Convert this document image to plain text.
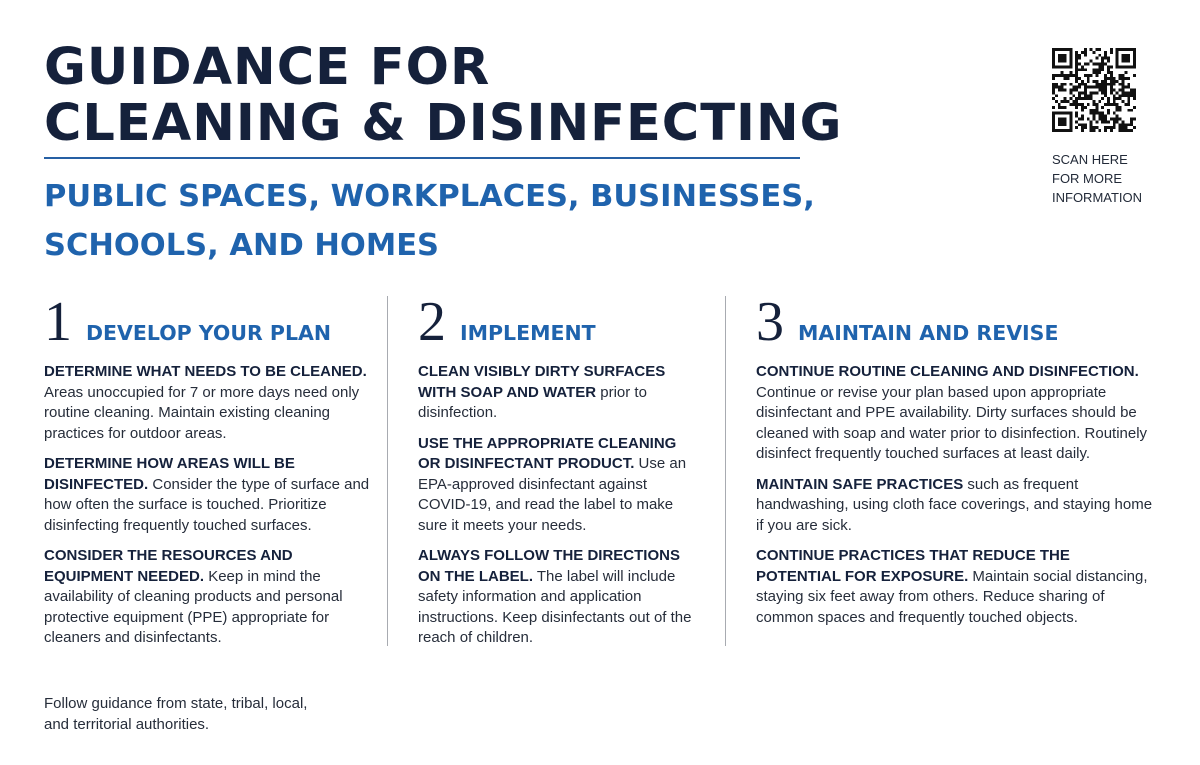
GUIDANCE FOR
CLEANING & DISINFECTING
PUBLIC SPACES, WORKPLACES, BUSINESSES,
SCHOOLS, AND HOMES
SCAN HERE
FOR MORE
INFORMATION
1 DEVELOP YOUR PLAN

DETERMINE WHAT NEEDS TO BE CLEANED. Areas unoccupied for 7 or more days need only routine cleaning. Maintain existing cleaning practices for outdoor areas.

DETERMINE HOW AREAS WILL BE DISINFECTED. Consider the type of surface and how often the surface is touched. Prioritize disinfecting frequently touched surfaces.

CONSIDER THE RESOURCES AND EQUIPMENT NEEDED. Keep in mind the availability of cleaning products and personal protective equipment (PPE) appropriate for cleaners and disinfectants.

2 IMPLEMENT

CLEAN VISIBLY DIRTY SURFACES WITH SOAP AND WATER prior to disinfection.

USE THE APPROPRIATE CLEANING OR DISINFECTANT PRODUCT. Use an EPA-approved disinfectant against COVID-19, and read the label to make sure it meets your needs.

ALWAYS FOLLOW THE DIRECTIONS ON THE LABEL. The label will include safety information and application instructions. Keep disinfectants out of the reach of children.

3 MAINTAIN AND REVISE

CONTINUE ROUTINE CLEANING AND DISINFECTION. Continue or revise your plan based upon appropriate disinfectant and PPE availability. Dirty surfaces should be cleaned with soap and water prior to disinfection. Routinely disinfect frequently touched surfaces at least daily.

MAINTAIN SAFE PRACTICES such as frequent handwashing, using cloth face coverings, and staying home if you are sick.

CONTINUE PRACTICES THAT REDUCE THE POTENTIAL FOR EXPOSURE. Maintain social distancing, staying six feet away from others. Reduce sharing of common spaces and frequently touched objects.

Follow guidance from state, tribal, local,
and territorial authorities.
